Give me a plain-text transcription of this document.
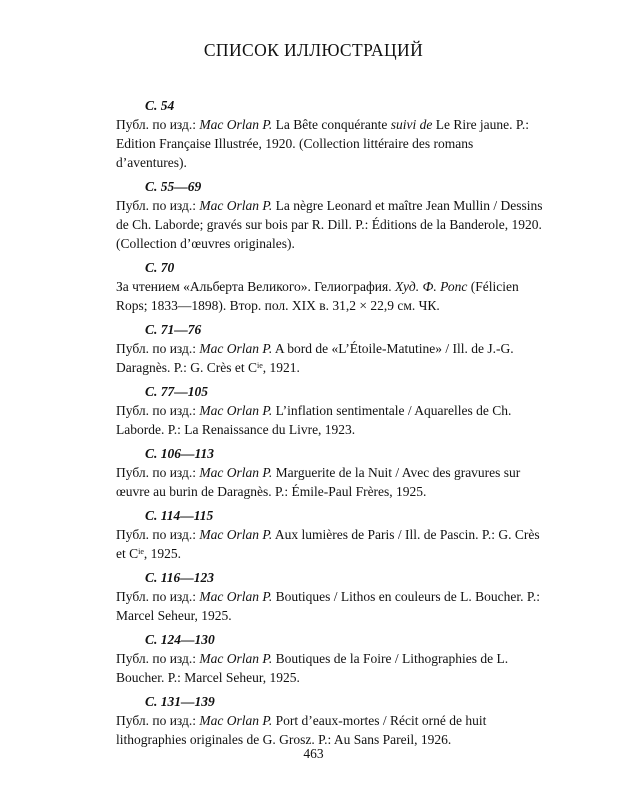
СПИСОК ИЛЛЮСТРАЦИЙ
С. 54
Публ. по изд.: Mac Orlan P. La Bête conquérante suivi de Le Rire jaune. P.: Edition Française Illustrée, 1920. (Collection littéraire des romans d’aventures).
С. 55—69
Публ. по изд.: Mac Orlan P. La nègre Leonard et maître Jean Mullin / Dessins de Ch. Laborde; gravés sur bois par R. Dill. P.: Éditions de la Banderole, 1920. (Collection d’œuvres originales).
С. 70
За чтением «Альберта Великого». Гелиография. Худ. Ф. Ропс (Félicien Rops; 1833—1898). Втор. пол. XIX в. 31,2 × 22,9 см. ЧК.
С. 71—76
Публ. по изд.: Mac Orlan P. A bord de «L’Étoile-Matutine» / Ill. de J.-G. Daragnès. P.: G. Crès et $C^{ie}$, 1921.
С. 77—105
Публ. по изд.: Mac Orlan P. L’inflation sentimentale / Aquarelles de Ch. Laborde. P.: La Renaissance du Livre, 1923.
С. 106—113
Публ. по изд.: Mac Orlan P. Marguerite de la Nuit / Avec des gravures sur œuvre au burin de Daragnès. P.: Émile-Paul Frères, 1925.
С. 114—115
Публ. по изд.: Mac Orlan P. Aux lumières de Paris / Ill. de Pascin. P.: G. Crès et $C^{ie}$, 1925.
С. 116—123
Публ. по изд.: Mac Orlan P. Boutiques / Lithos en couleurs de L. Boucher. P.: Marcel Seheur, 1925.
С. 124—130
Публ. по изд.: Mac Orlan P. Boutiques de la Foire / Lithographies de L. Boucher. P.: Marcel Seheur, 1925.
С. 131—139
Публ. по изд.: Mac Orlan P. Port d’eaux-mortes / Récit orné de huit lithographies originales de G. Grosz. P.: Au Sans Pareil, 1926.
463
